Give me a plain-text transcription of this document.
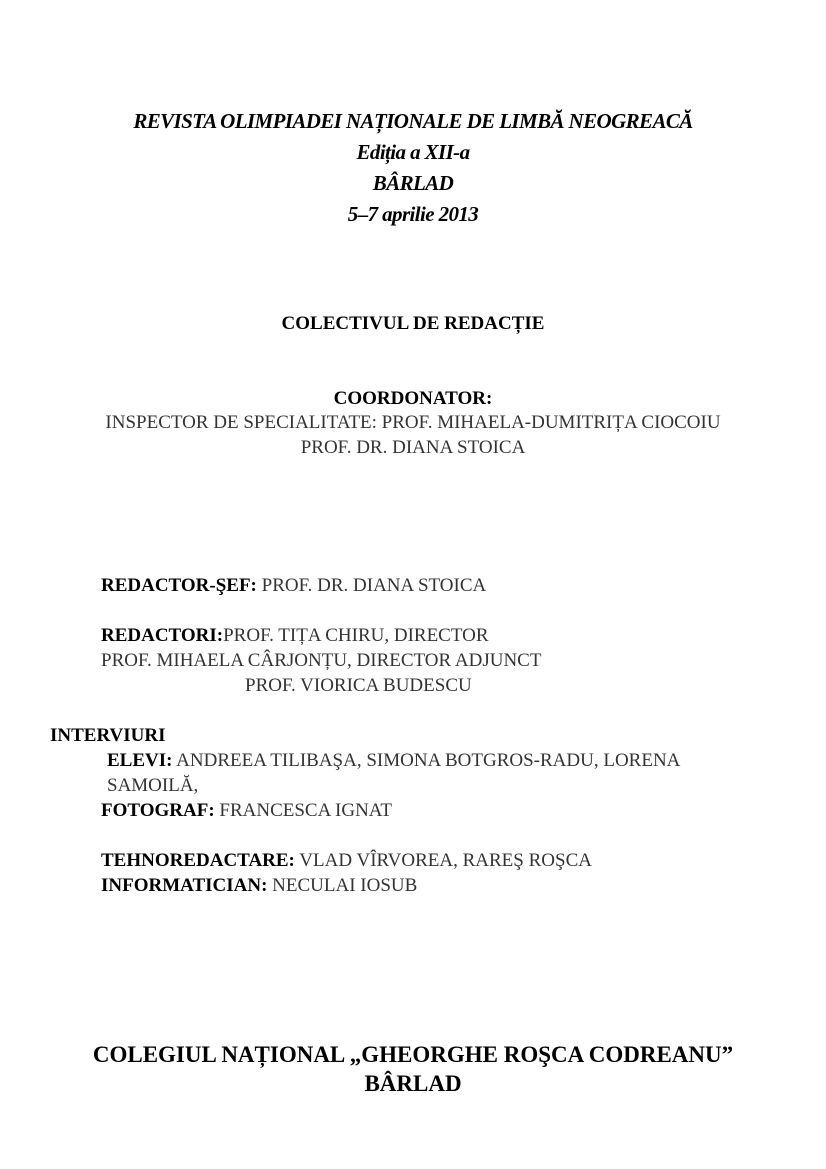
REVISTA OLIMPIADEI NAȚIONALE DE LIMBĂ NEOGREACĂ
Ediția a XII-a
BÂRLAD
5–7 aprilie 2013
COLECTIVUL DE REDACȚIE
COORDONATOR:
INSPECTOR DE SPECIALITATE: PROF. MIHAELA-DUMITRIȚA CIOCOIU
PROF. DR. DIANA STOICA
REDACTOR-ŞEF: PROF. DR. DIANA STOICA
REDACTORI:PROF. TIȚA CHIRU, DIRECTOR
PROF. MIHAELA CÂRJONȚU, DIRECTOR ADJUNCT
PROF. VIORICA BUDESCU
INTERVIURI
ELEVI: ANDREEA TILIBAŞA, SIMONA BOTGROS-RADU, LORENA
SAMOILĂ,
FOTOGRAF: FRANCESCA IGNAT
TEHNOREDACTARE: VLAD VÎRVOREA, RAREŞ ROŞCA
INFORMATICIAN: NECULAI IOSUB
COLEGIUL NAȚIONAL „GHEORGHE ROŞCA CODREANU”
BÂRLAD
